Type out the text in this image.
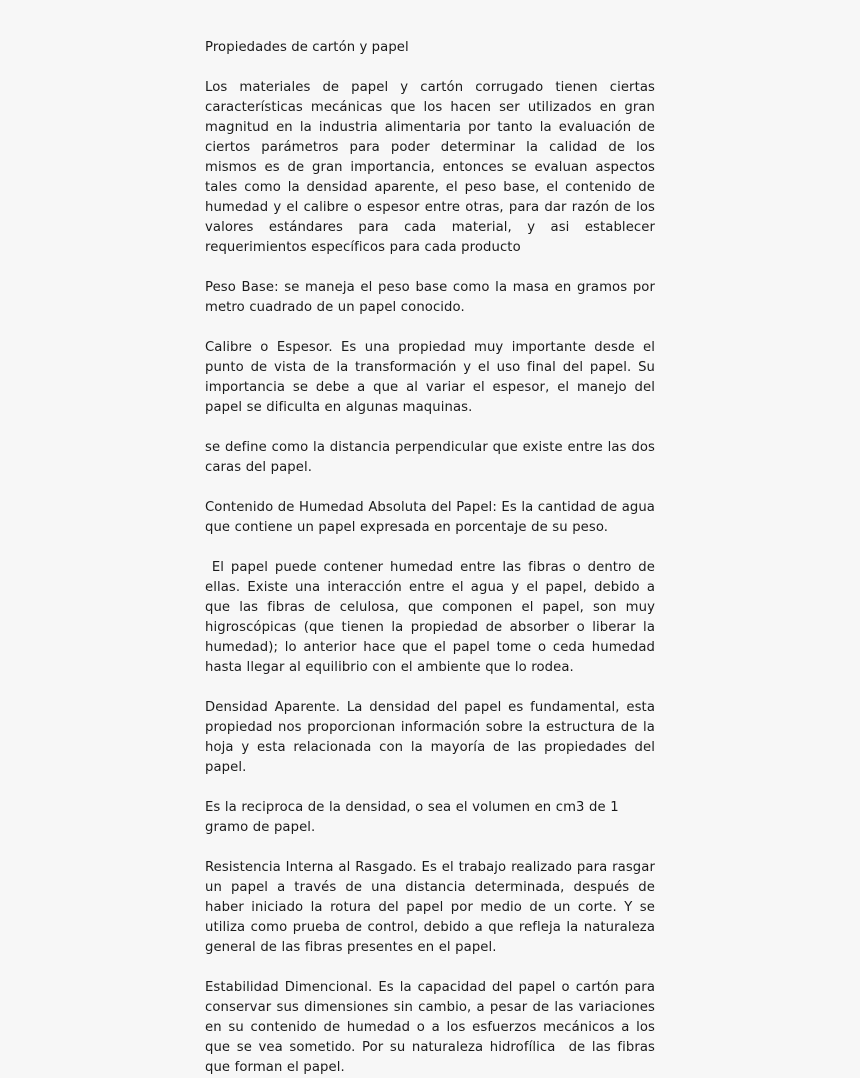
Propiedades de cartón y papel

Los materiales de papel y cartón corrugado tienen ciertas características mecánicas que los hacen ser utilizados en gran magnitud en la industria alimentaria por tanto la evaluación de ciertos parámetros para poder determinar la calidad de los mismos es de gran importancia, entonces se evaluan aspectos tales como la densidad aparente, el peso base, el contenido de humedad y el calibre o espesor entre otras, para dar razón de los valores estándares para cada material, y asi establecer requerimientos específicos para cada producto

Peso Base: se maneja el peso base como la masa en gramos por metro cuadrado de un papel conocido.

Calibre o Espesor. Es una propiedad muy importante desde el punto de vista de la transformación y el uso final del papel. Su importancia se debe a que al variar el espesor, el manejo del papel se dificulta en algunas maquinas.

se define como la distancia perpendicular que existe entre las dos caras del papel.

Contenido de Humedad Absoluta del Papel: Es la cantidad de agua que contiene un papel expresada en porcentaje de su peso.

El papel puede contener humedad entre las fibras o dentro de ellas. Existe una interacción entre el agua y el papel, debido a que las fibras de celulosa, que componen el papel, son muy higroscópicas (que tienen la propiedad de absorber o liberar la humedad); lo anterior hace que el papel tome o ceda humedad hasta llegar al equilibrio con el ambiente que lo rodea.

Densidad Aparente. La densidad del papel es fundamental, esta propiedad nos proporcionan información sobre la estructura de la hoja y esta relacionada con la mayoría de las propiedades del papel.

Es la reciproca de la densidad, o sea el volumen en cm3 de 1 gramo de papel.

Resistencia Interna al Rasgado. Es el trabajo realizado para rasgar un papel a través de una distancia determinada, después de haber iniciado la rotura del papel por medio de un corte. Y se utiliza como prueba de control, debido a que refleja la naturaleza general de las fibras presentes en el papel.

Estabilidad Dimencional. Es la capacidad del papel o cartón para conservar sus dimensiones sin cambio, a pesar de las variaciones en su contenido de humedad o a los esfuerzos mecánicos a los que se vea sometido. Por su naturaleza hidrofílica  de las fibras que forman el papel.
